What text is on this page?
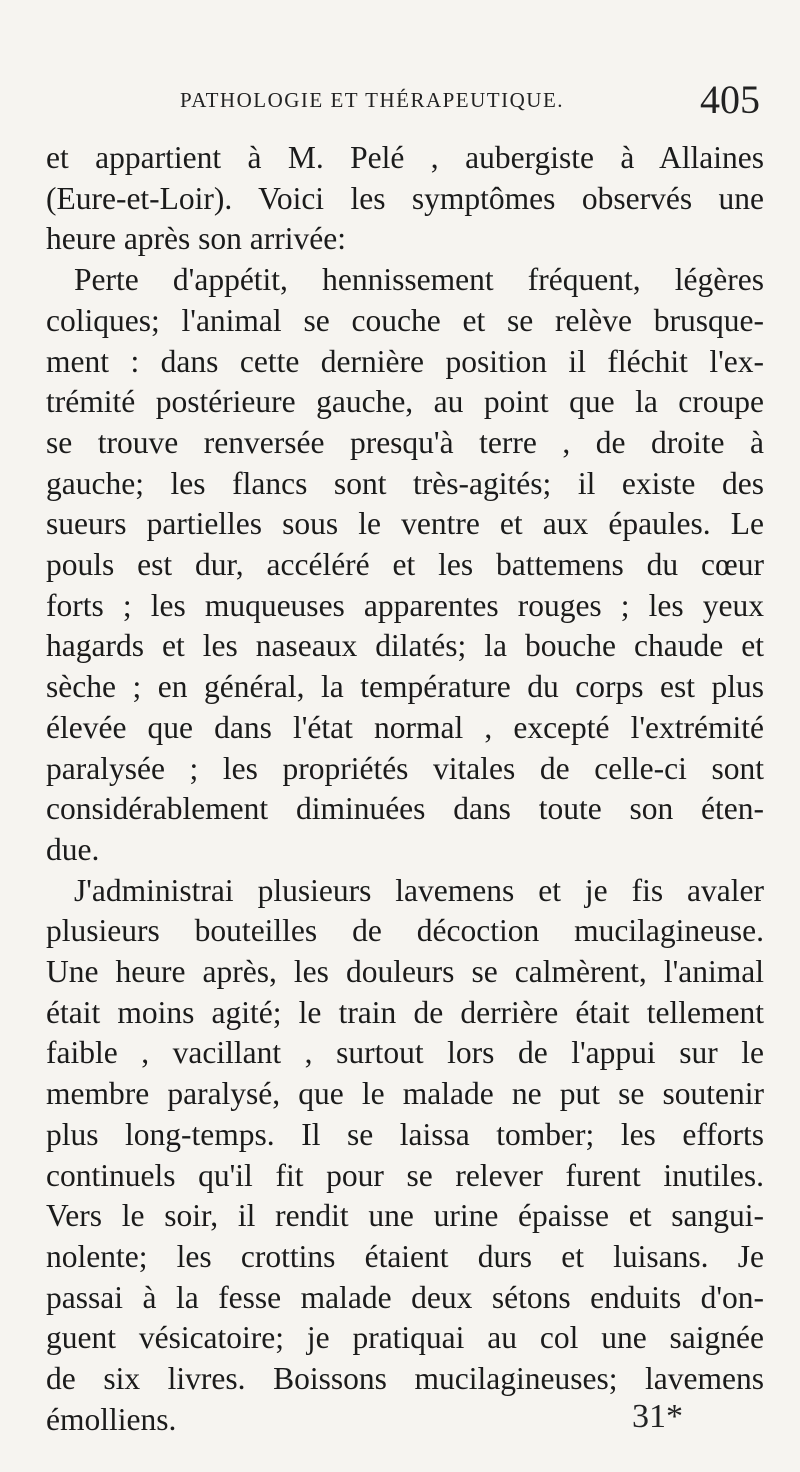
PATHOLOGIE ET THÉRAPEUTIQUE.	405
et appartient à M. Pelé , aubergiste à Allaines
(Eure-et-Loir). Voici les symptômes observés une
heure après son arrivée:
Perte d'appétit, hennissement fréquent, légères
coliques; l'animal se couche et se relève brusque-
ment : dans cette dernière position il fléchit l'ex-
trémité postérieure gauche, au point que la croupe
se trouve renversée presqu'à terre , de droite à
gauche; les flancs sont très-agités; il existe des
sueurs partielles sous le ventre et aux épaules. Le
pouls est dur, accéléré et les battemens du cœur
forts ; les muqueuses apparentes rouges ; les yeux
hagards et les naseaux dilatés; la bouche chaude et
sèche ; en général, la température du corps est plus
élevée que dans l'état normal , excepté l'extrémité
paralysée ; les propriétés vitales de celle-ci sont
considérablement diminuées dans toute son éten-
due.
J'administrai plusieurs lavemens et je fis avaler
plusieurs bouteilles de décoction mucilagineuse.
Une heure après, les douleurs se calmèrent, l'animal
était moins agité; le train de derrière était tellement
faible , vacillant , surtout lors de l'appui sur le
membre paralysé, que le malade ne put se soutenir
plus long-temps. Il se laissa tomber; les efforts
continuels qu'il fit pour se relever furent inutiles.
Vers le soir, il rendit une urine épaisse et sangui-
nolente; les crottins étaient durs et luisans. Je
passai à la fesse malade deux sétons enduits d'on-
guent vésicatoire; je pratiquai au col une saignée
de six livres. Boissons mucilagineuses; lavemens
émolliens.	31*
